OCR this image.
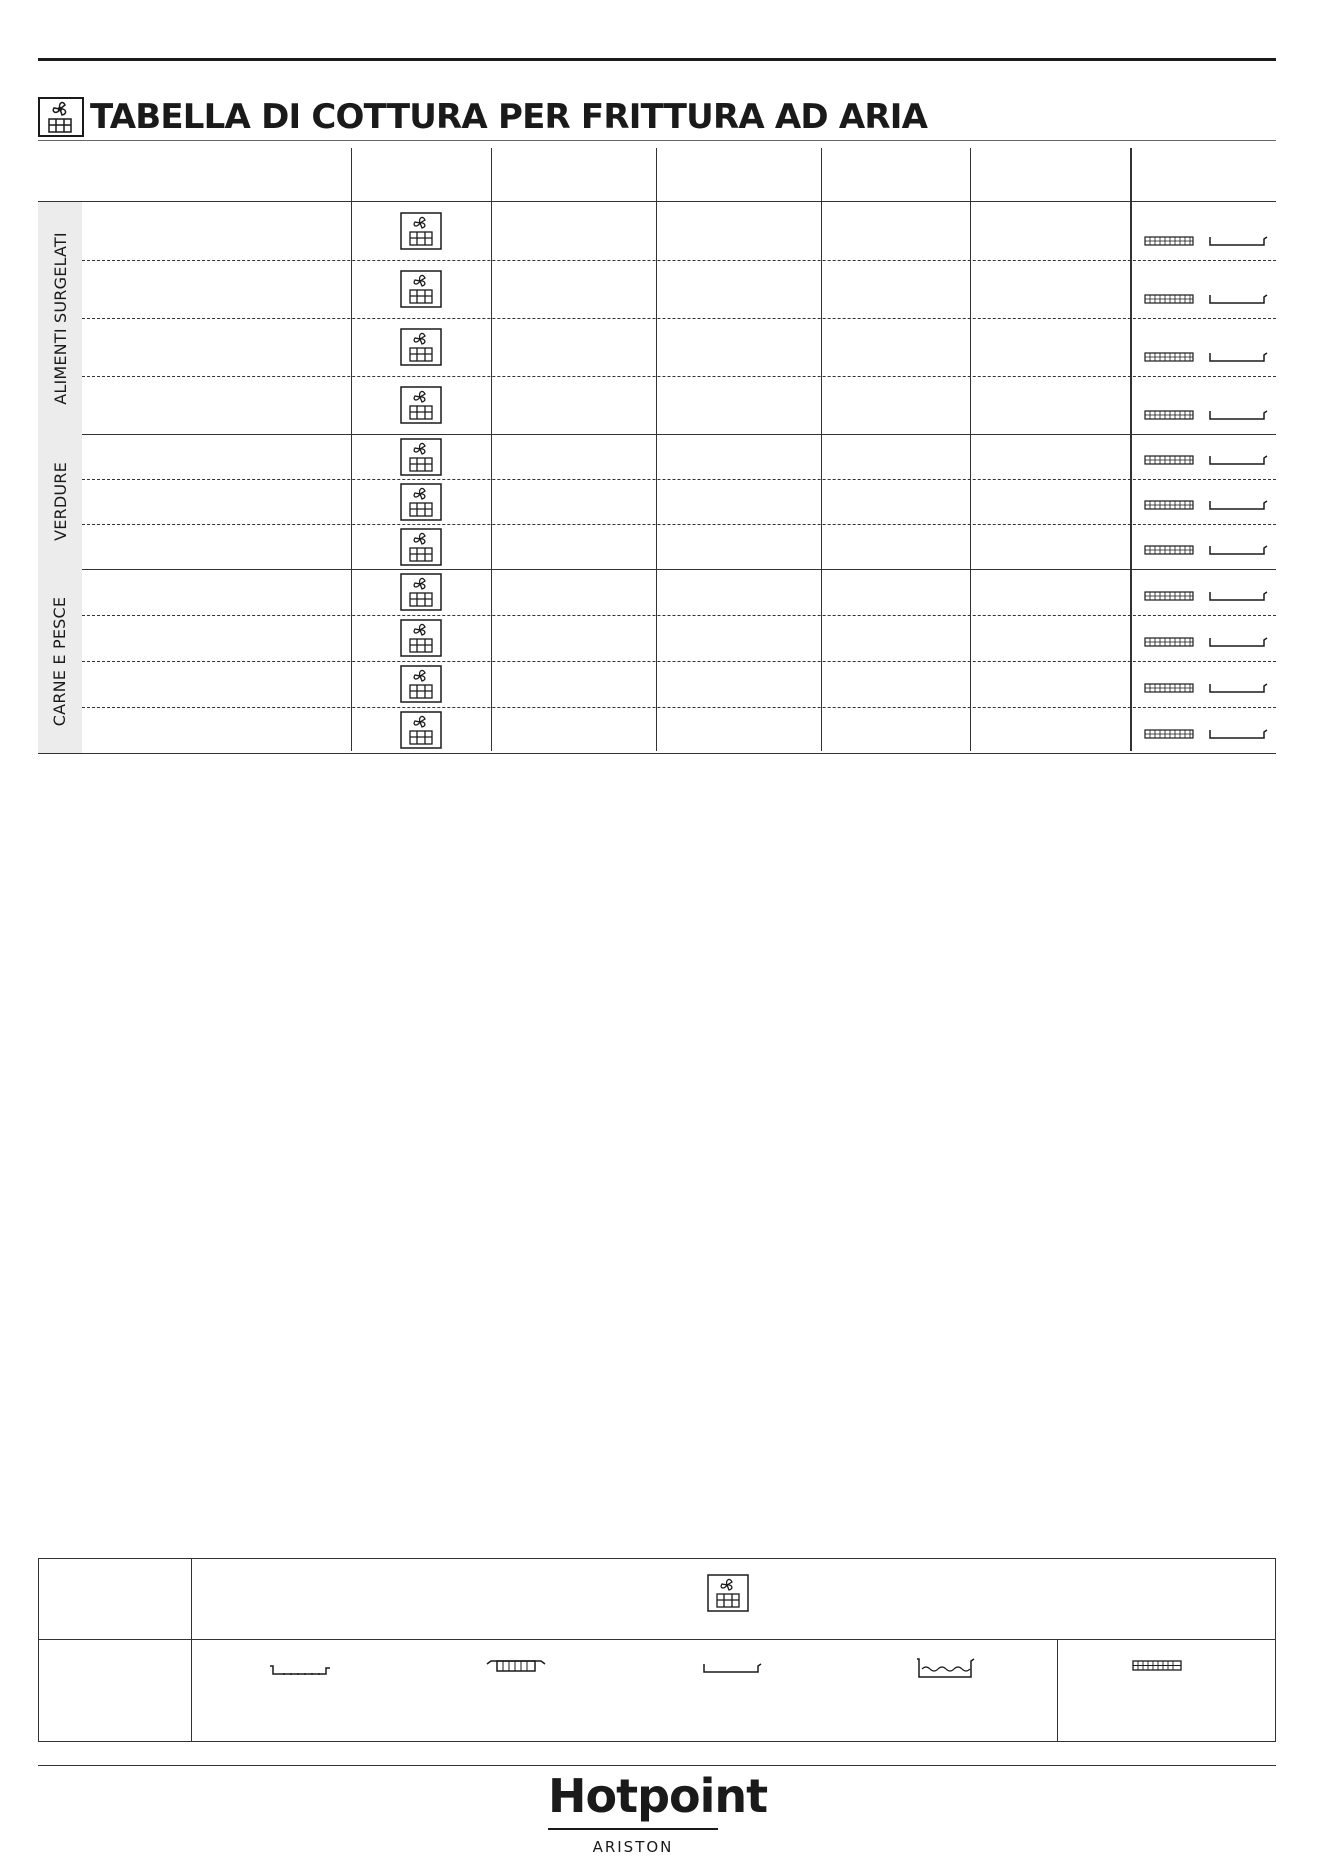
TABELLA DI COTTURA PER FRITTURA AD ARIA
ALIMENTI SURGELATI
VERDURE
CARNE E PESCE
Hotpoint
ARISTON
